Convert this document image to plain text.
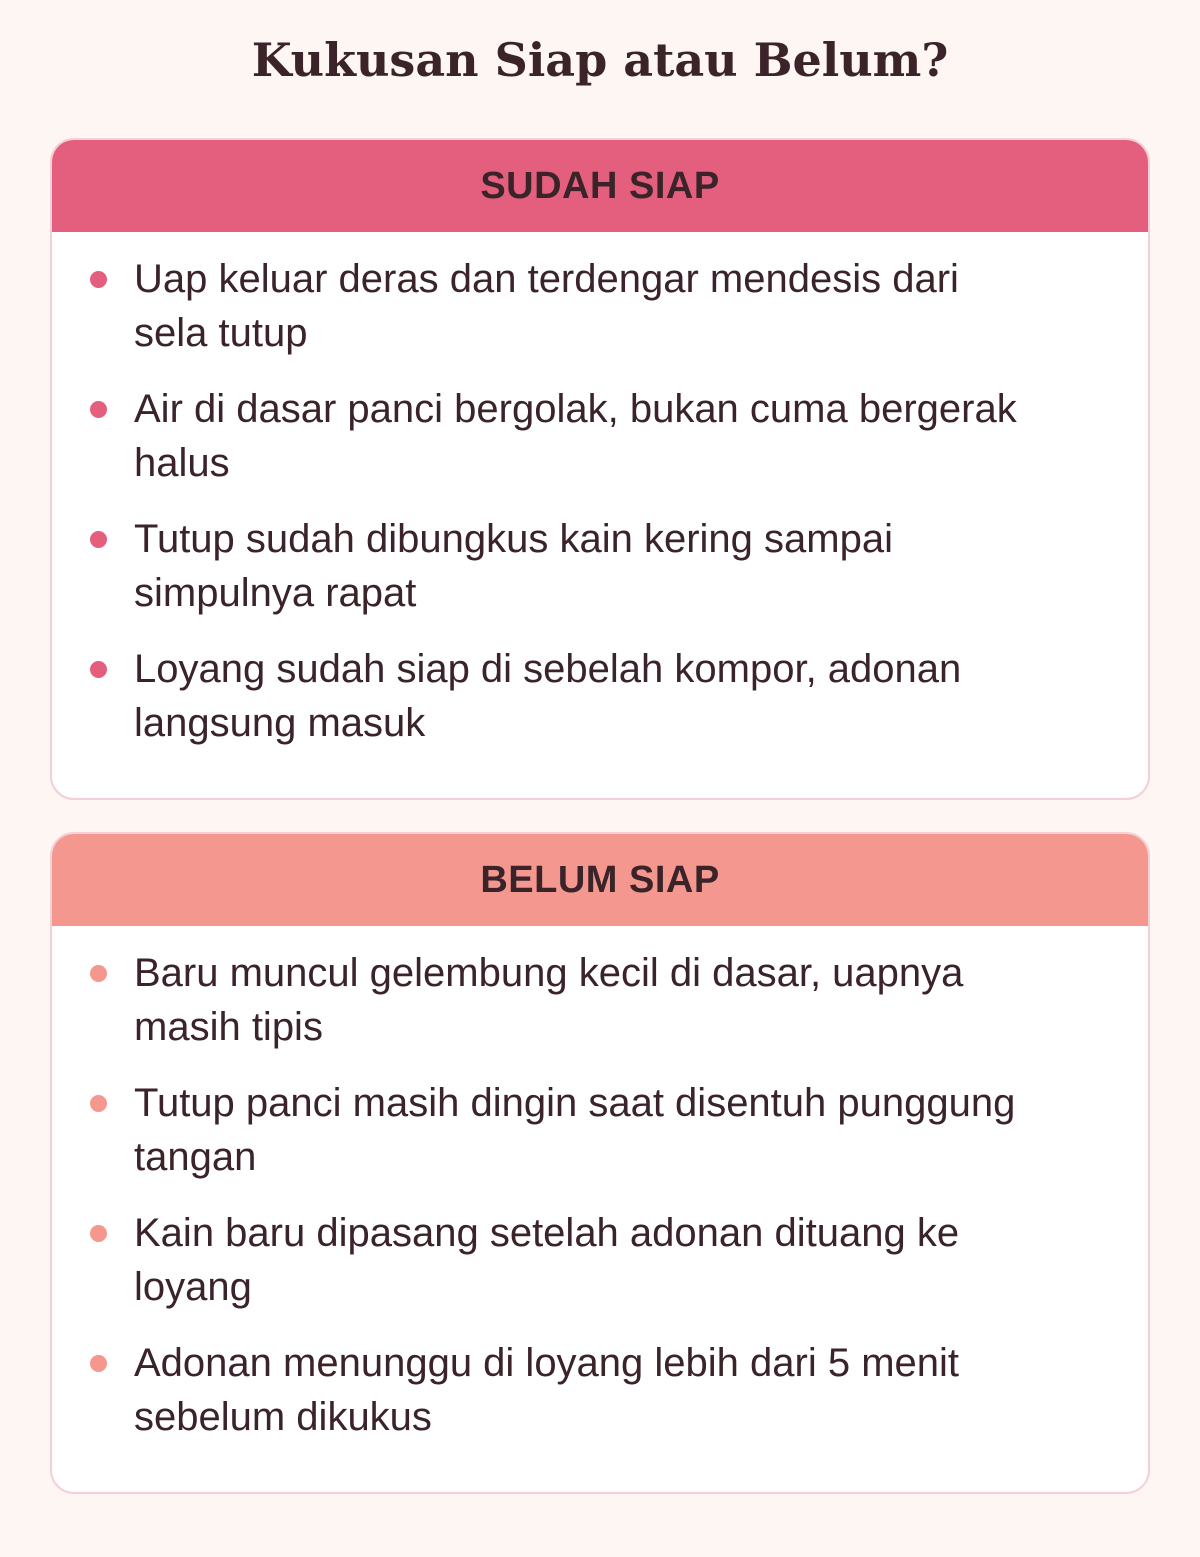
Kukusan Siap atau Belum?
SUDAH SIAP
Uap keluar deras dan terdengar mendesis dari sela tutup
Air di dasar panci bergolak, bukan cuma bergerak halus
Tutup sudah dibungkus kain kering sampai simpulnya rapat
Loyang sudah siap di sebelah kompor, adonan langsung masuk
BELUM SIAP
Baru muncul gelembung kecil di dasar, uapnya masih tipis
Tutup panci masih dingin saat disentuh punggung tangan
Kain baru dipasang setelah adonan dituang ke loyang
Adonan menunggu di loyang lebih dari 5 menit sebelum dikukus
